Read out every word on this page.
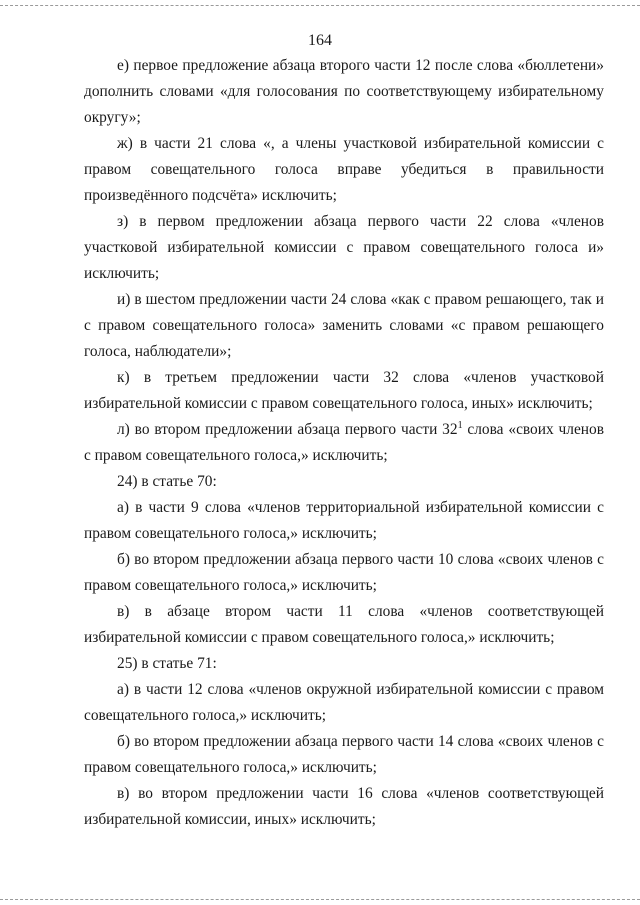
164

е) первое предложение абзаца второго части 12 после слова «бюллетени» дополнить словами «для голосования по соответствующему избирательному округу»;

ж) в части 21 слова «, а члены участковой избирательной комиссии с правом совещательного голоса вправе убедиться в правильности произведённого подсчёта» исключить;

з) в первом предложении абзаца первого части 22 слова «членов участковой избирательной комиссии с правом совещательного голоса и» исключить;

и) в шестом предложении части 24 слова «как с правом решающего, так и с правом совещательного голоса» заменить словами «с правом решающего голоса, наблюдатели»;

к) в третьем предложении части 32 слова «членов участковой избирательной комиссии с правом совещательного голоса, иных» исключить;

л) во втором предложении абзаца первого части $32^1$ слова «своих членов с правом совещательного голоса,» исключить;

24) в статье 70:

а) в части 9 слова «членов территориальной избирательной комиссии с правом совещательного голоса,» исключить;

б) во втором предложении абзаца первого части 10 слова «своих членов с правом совещательного голоса,» исключить;

в) в абзаце втором части 11 слова «членов соответствующей избирательной комиссии с правом совещательного голоса,» исключить;

25) в статье 71:

а) в части 12 слова «членов окружной избирательной комиссии с правом совещательного голоса,» исключить;

б) во втором предложении абзаца первого части 14 слова «своих членов с правом совещательного голоса,» исключить;

в) во втором предложении части 16 слова «членов соответствующей избирательной комиссии, иных» исключить;
